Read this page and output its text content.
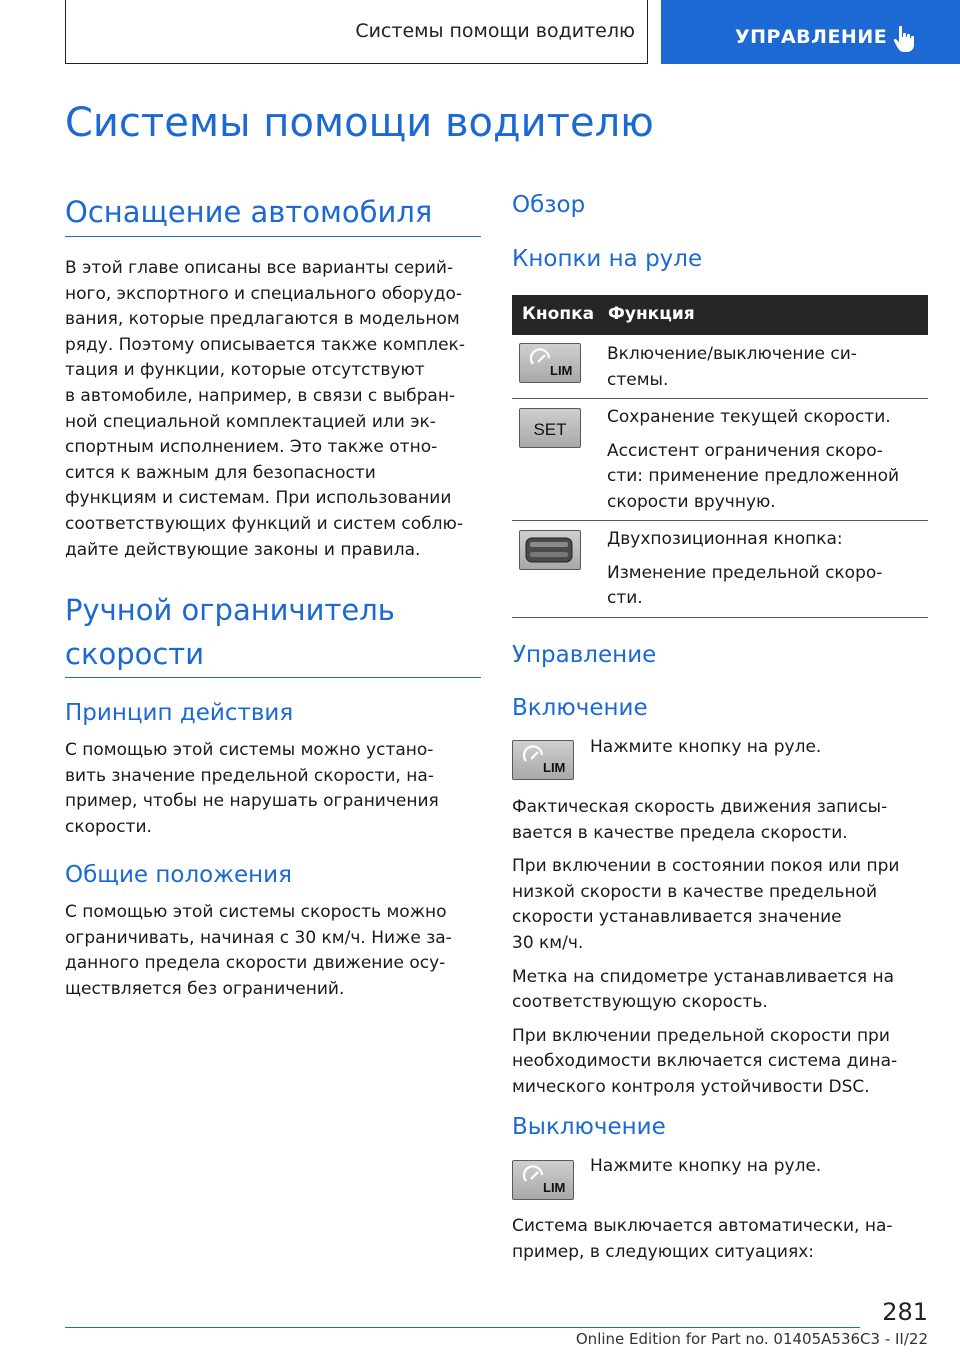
Системы помощи водителю	УПРАВЛЕНИЕ
Системы помощи водителю
Оснащение автомобиля
В этой главе описаны все варианты серий-
ного, экспортного и специального оборудо-
вания, которые предлагаются в модельном
ряду. Поэтому описывается также комплек-
тация и функции, которые отсутствуют
в автомобиле, например, в связи с выбран-
ной специальной комплектацией или эк-
спортным исполнением. Это также отно-
сится к важным для безопасности
функциям и системам. При использовании
соответствующих функций и систем соблю-
дайте действующие законы и правила.
Ручной ограничитель
скорости
Принцип действия
С помощью этой системы можно устано-
вить значение предельной скорости, на-
пример, чтобы не нарушать ограничения
скорости.
Общие положения
С помощью этой системы скорость можно
ограничивать, начиная с 30 км/ч. Ниже за-
данного предела скорости движение осу-
ществляется без ограничений.
Обзор
Кнопки на руле
Кнопка Функция
LIM
Включение/выключение си-
стемы.
SET
Сохранение текущей скорости.
Ассистент ограничения скоро-
сти: применение предложенной
скорости вручную.
Двухпозиционная кнопка:
Изменение предельной скоро-
сти.
Управление
Включение
LIM
Нажмите кнопку на руле.
Фактическая скорость движения записы-
вается в качестве предела скорости.
При включении в состоянии покоя или при
низкой скорости в качестве предельной
скорости устанавливается значение
30 км/ч.
Метка на спидометре устанавливается на
соответствующую скорость.
При включении предельной скорости при
необходимости включается система дина-
мического контроля устойчивости DSC.
Выключение
LIM
Нажмите кнопку на руле.
Система выключается автоматически, на-
пример, в следующих ситуациях:
281
Online Edition for Part no. 01405A536C3 - II/22
